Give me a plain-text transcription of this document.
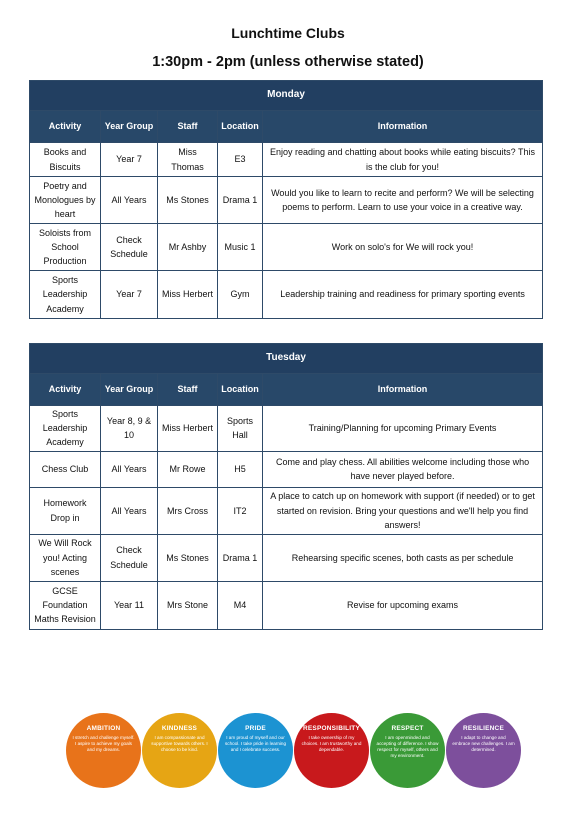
Lunchtime Clubs
1:30pm - 2pm (unless otherwise stated)
Monday				
Activity	Year Group	Staff	Location	Information
Books and Biscuits	Year 7	Miss Thomas	E3	Enjoy reading and chatting about books while eating biscuits? This is the club for you!
Poetry and Monologues by heart	All Years	Ms Stones	Drama 1	Would you like to learn to recite and perform? We will be selecting poems to perform. Learn to use your voice in a creative way.
Soloists from School Production	Check Schedule	Mr Ashby	Music 1	Work on solo's for We will rock you!
Sports Leadership Academy	Year 7	Miss Herbert	Gym	Leadership training and readiness for primary sporting events
Tuesday				
Activity	Year Group	Staff	Location	Information
Sports Leadership Academy	Year 8, 9 & 10	Miss Herbert	Sports Hall	Training/Planning for upcoming Primary Events
Chess Club	All Years	Mr Rowe	H5	Come and play chess. All abilities welcome including those who have never played before.
Homework Drop in	All Years	Mrs Cross	IT2	A place to catch up on homework with support (if needed) or to get started on revision. Bring your questions and we'll help you find answers!
We Will Rock you! Acting scenes	Check Schedule	Ms Stones	Drama 1	Rehearsing specific scenes, both casts as per schedule
GCSE Foundation Maths Revision	Year 11	Mrs Stone	M4	Revise for upcoming exams
AMBITION
I stretch and challenge myself. I aspire to achieve my goals and my dreams.
KINDNESS
I am compassionate and supportive towards others. I choose to be kind.
PRIDE
I am proud of myself and our school. I take pride in learning and I celebrate success.
RESPONSIBILITY
I take ownership of my choices. I am trustworthy and dependable.
RESPECT
I am openminded and accepting of difference. I show respect for myself, others and my environment.
RESILIENCE
I adapt to change and embrace new challenges. I am determined.
